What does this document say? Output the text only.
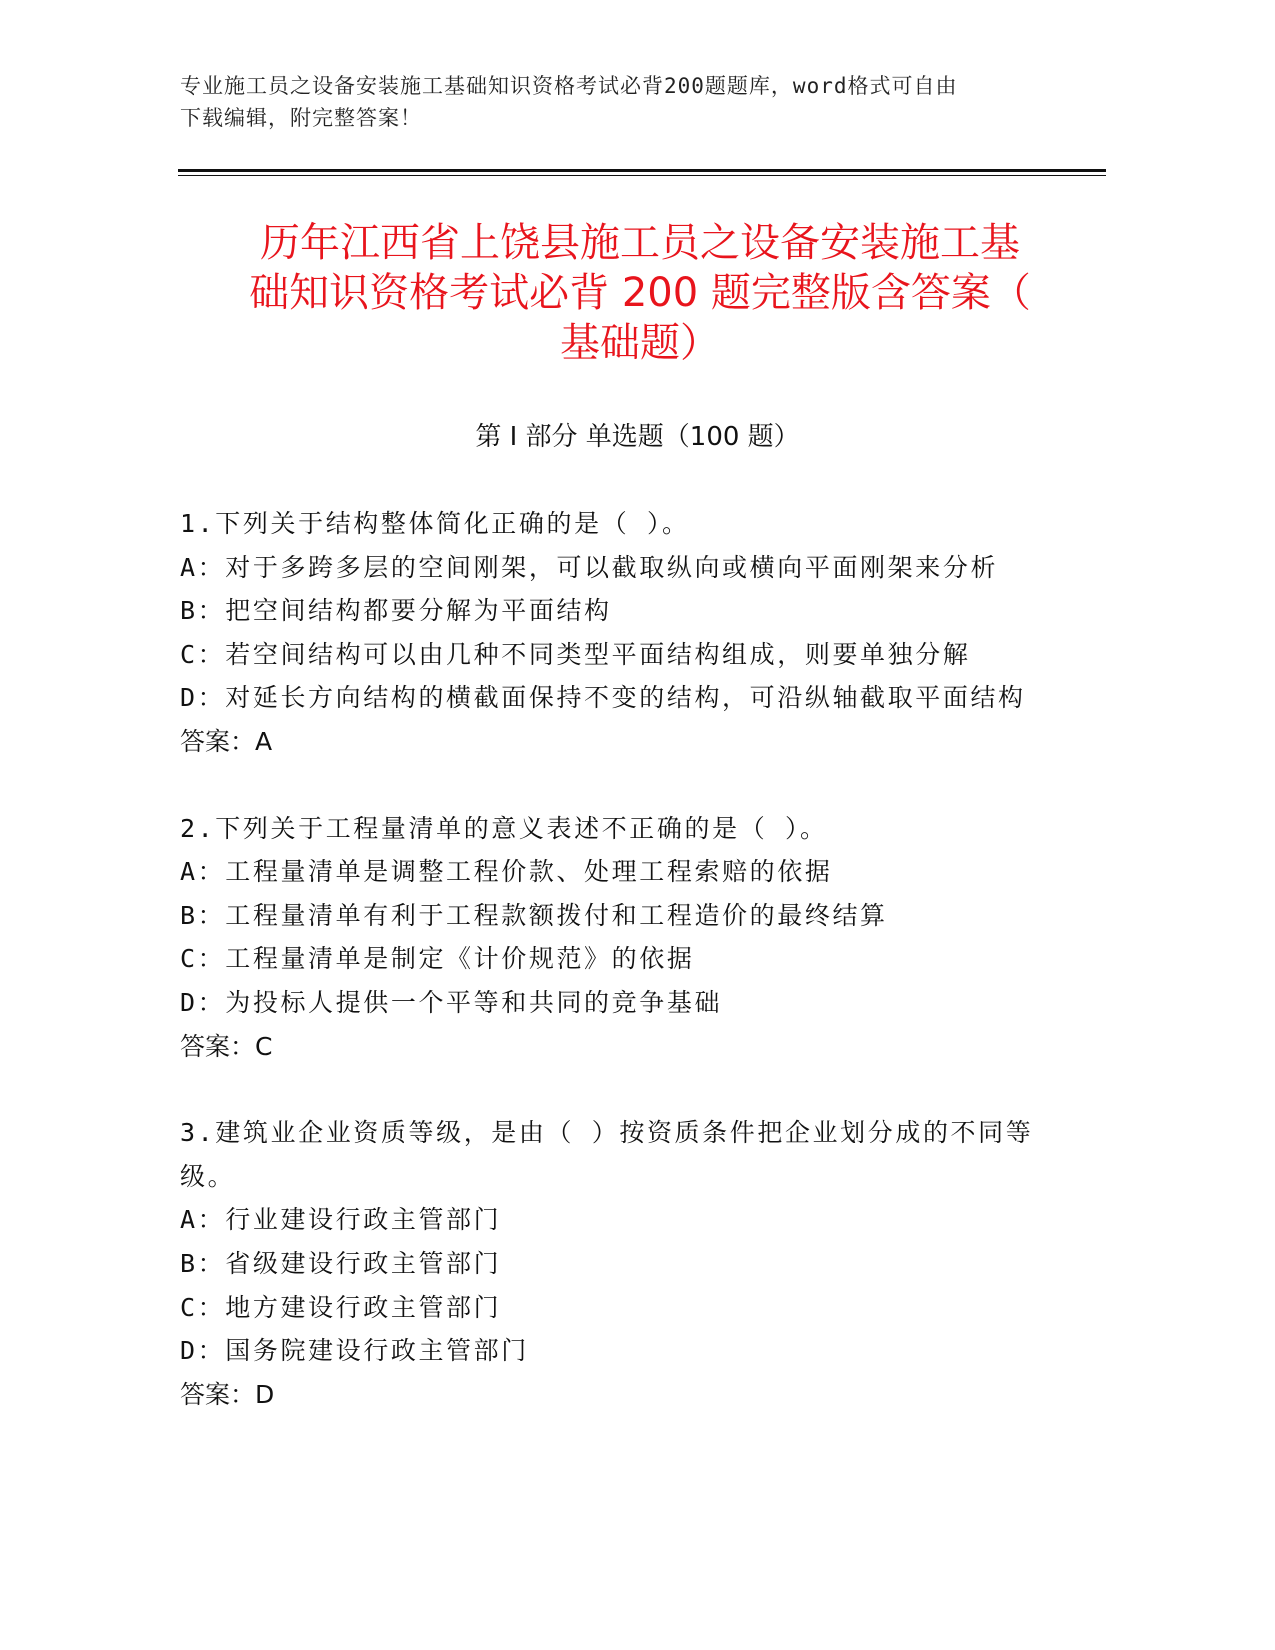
专业施工员之设备安装施工基础知识资格考试必背200题题库，word格式可自由
下载编辑，附完整答案！
历年江西省上饶县施工员之设备安装施工基
础知识资格考试必背 200 题完整版含答案（
基础题）
第 I 部分 单选题（100 题）

1.下列关于结构整体简化正确的是（ ）。

A：对于多跨多层的空间刚架，可以截取纵向或横向平面刚架来分析

B：把空间结构都要分解为平面结构

C：若空间结构可以由几种不同类型平面结构组成，则要单独分解

D：对延长方向结构的横截面保持不变的结构，可沿纵轴截取平面结构

答案：A

2.下列关于工程量清单的意义表述不正确的是（ ）。

A：工程量清单是调整工程价款、处理工程索赔的依据

B：工程量清单有利于工程款额拨付和工程造价的最终结算

C：工程量清单是制定《计价规范》的依据

D：为投标人提供一个平等和共同的竞争基础

答案：C

3.建筑业企业资质等级，是由（ ）按资质条件把企业划分成的不同等级。

A：行业建设行政主管部门

B：省级建设行政主管部门

C：地方建设行政主管部门

D：国务院建设行政主管部门

答案：D
